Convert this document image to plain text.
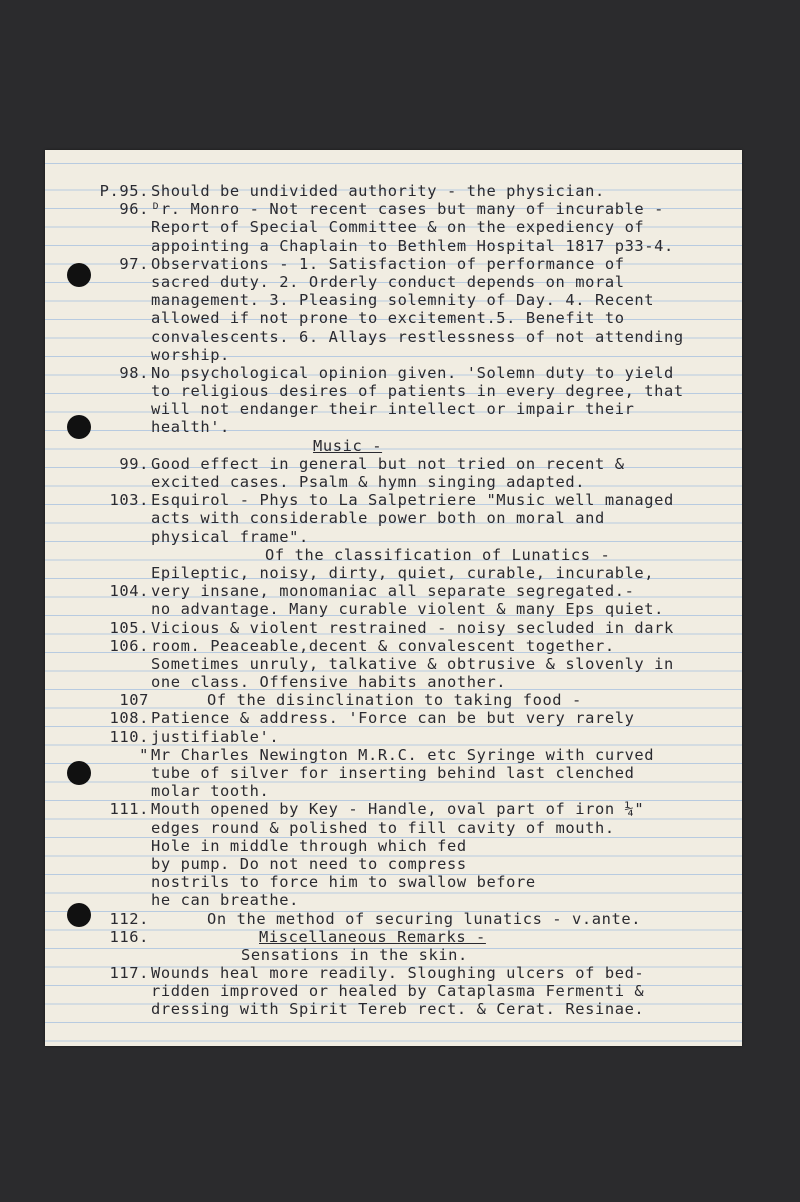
P.95. Should be undivided authority - the physician.
96. ᴰr. Monro - Not recent cases but many of incurable -
Report of Special Committee & on the expediency of
appointing a Chaplain to Bethlem Hospital 1817 p33-4.
97. Observations - 1. Satisfaction of performance of
sacred duty. 2. Orderly conduct depends on moral
management. 3. Pleasing solemnity of Day. 4. Recent
allowed if not prone to excitement.5. Benefit to
convalescents. 6. Allays restlessness of not attending
worship.
98. No psychological opinion given. 'Solemn duty to yield
to religious desires of patients in every degree, that
will not endanger their intellect or impair their
health'.
Music -
99. Good effect in general but not tried on recent &
excited cases. Psalm & hymn singing adapted.
103. Esquirol - Phys to La Salpetriere "Music well managed
acts with considerable power both on moral and
physical frame".
Of the classification of Lunatics -
Epileptic, noisy, dirty, quiet, curable, incurable,
104. very insane, monomaniac all separate segregated.-
no advantage. Many curable violent & many Eps quiet.
105. Vicious & violent restrained - noisy secluded in dark
106. room. Peaceable,decent & convalescent together.
Sometimes unruly, talkative & obtrusive & slovenly in
one class. Offensive habits another.
107	Of the disinclination to taking food -
108. Patience & address. 'Force can be but very rarely
110. justifiable'.
" Mr Charles Newington M.R.C. etc Syringe with curved
tube of silver for inserting behind last clenched
molar tooth.
111. Mouth opened by Key - Handle, oval part of iron ¼"
edges round & polished to fill cavity of mouth.
Hole in middle through which fed
by pump. Do not need to compress
nostrils to force him to swallow before
he can breathe.
112.	On the method of securing lunatics - v.ante.
116.	Miscellaneous Remarks -
Sensations in the skin.
117. Wounds heal more readily. Sloughing ulcers of bed-
ridden improved or healed by Cataplasma Fermenti &
dressing with Spirit Tereb rect. & Cerat. Resinae.
